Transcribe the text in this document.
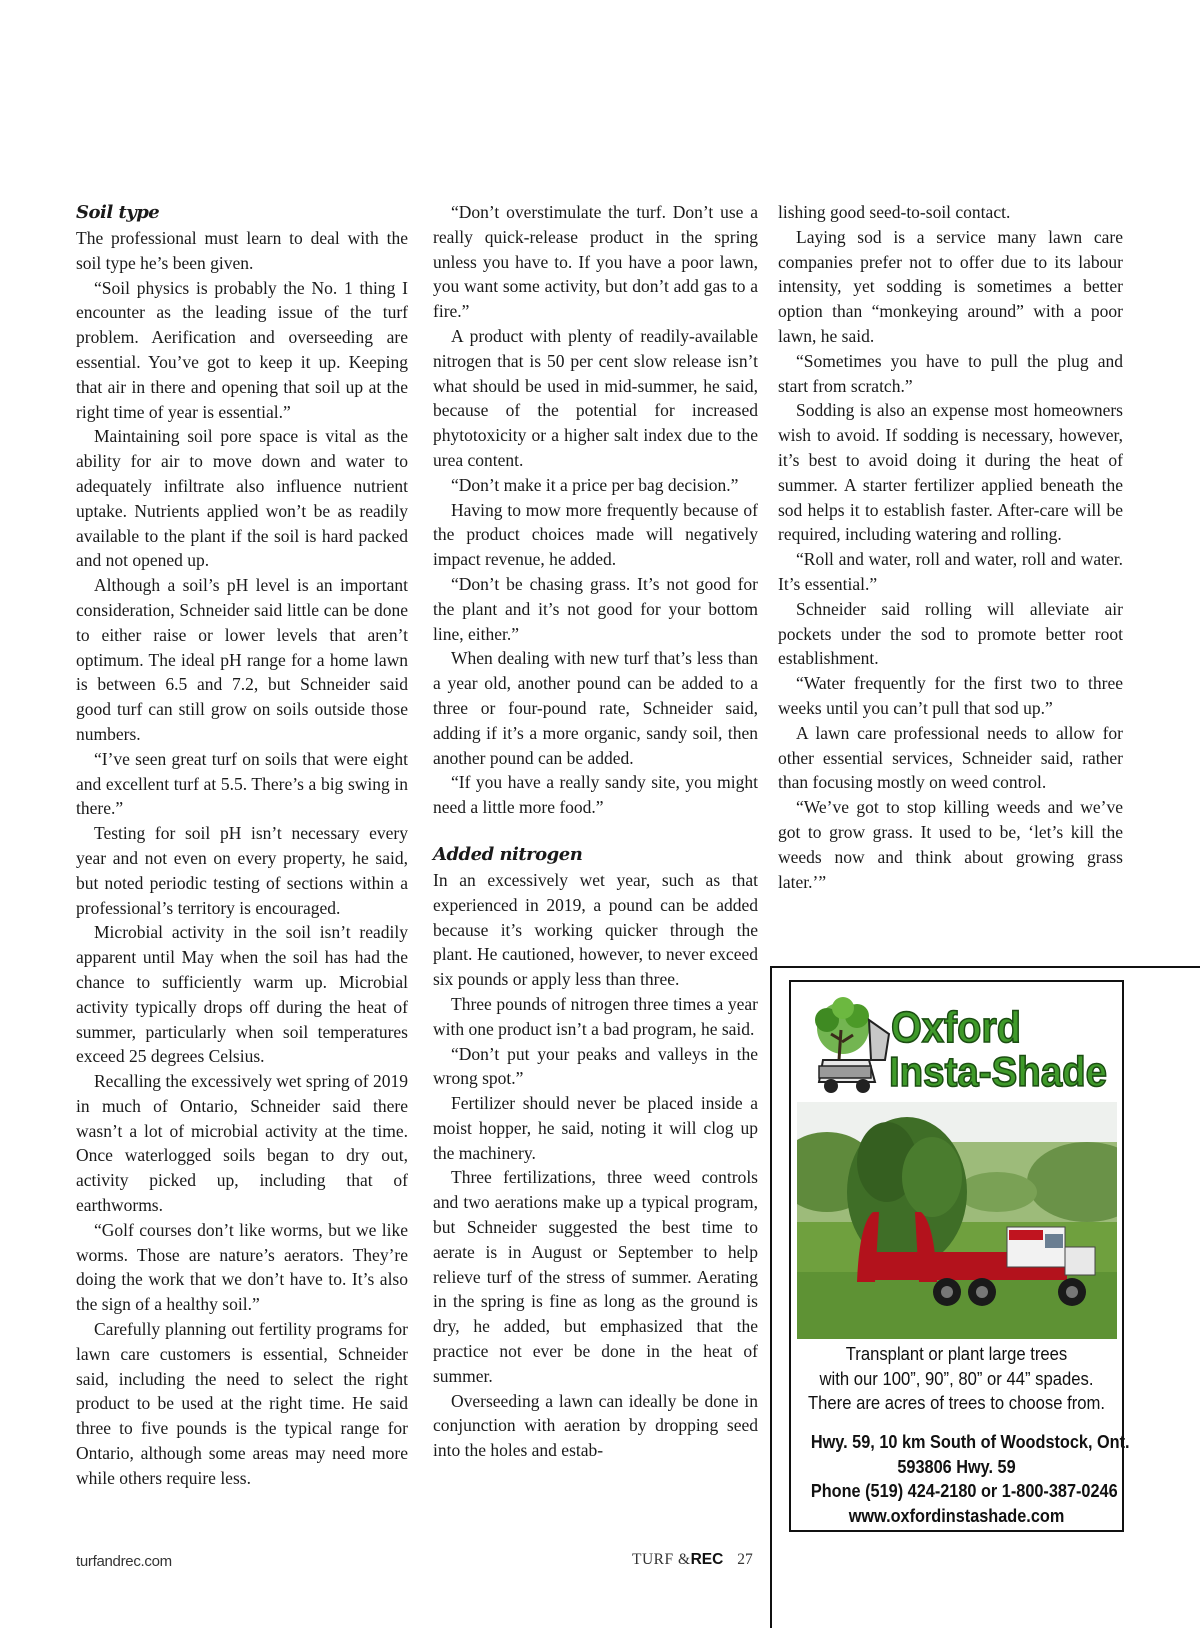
Soil type

The professional must learn to deal with the soil type he’s been given.

“Soil physics is probably the No. 1 thing I encounter as the leading issue of the turf problem. Aerification and overseeding are essential. You’ve got to keep it up. Keeping that air in there and opening that soil up at the right time of year is essential.”

Maintaining soil pore space is vital as the ability for air to move down and water to adequately infiltrate also influence nutrient uptake. Nutrients applied won’t be as readily available to the plant if the soil is hard packed and not opened up.

Although a soil’s pH level is an important consideration, Schneider said little can be done to either raise or lower levels that aren’t optimum. The ideal pH range for a home lawn is between 6.5 and 7.2, but Schneider said good turf can still grow on soils outside those numbers.

“I’ve seen great turf on soils that were eight and excellent turf at 5.5. There’s a big swing in there.”

Testing for soil pH isn’t necessary every year and not even on every property, he said, but noted periodic testing of sections within a professional’s territory is encouraged.

Microbial activity in the soil isn’t readily apparent until May when the soil has had the chance to sufficiently warm up. Microbial activity typically drops off during the heat of summer, particularly when soil temperatures exceed 25 degrees Celsius.

Recalling the excessively wet spring of 2019 in much of Ontario, Schneider said there wasn’t a lot of microbial activity at the time. Once waterlogged soils began to dry out, activity picked up, including that of earthworms.

“Golf courses don’t like worms, but we like worms. Those are nature’s aerators. They’re doing the work that we don’t have to. It’s also the sign of a healthy soil.”

Carefully planning out fertility programs for lawn care customers is essential, Schneider said, including the need to select the right product to be used at the right time. He said three to five pounds is the typical range for Ontario, although some areas may need more while others require less.

“Don’t overstimulate the turf. Don’t use a really quick-release product in the spring unless you have to. If you have a poor lawn, you want some activity, but don’t add gas to a fire.”

A product with plenty of readily-available nitrogen that is 50 per cent slow release isn’t what should be used in mid-summer, he said, because of the potential for increased phytotoxicity or a higher salt index due to the urea content.

“Don’t make it a price per bag decision.”

Having to mow more frequently because of the product choices made will negatively impact revenue, he added.

“Don’t be chasing grass. It’s not good for the plant and it’s not good for your bottom line, either.”

When dealing with new turf that’s less than a year old, another pound can be added to a three or four-pound rate, Schneider said, adding if it’s a more organic, sandy soil, then another pound can be added.

“If you have a really sandy site, you might need a little more food.”

Added nitrogen

In an excessively wet year, such as that experienced in 2019, a pound can be added because it’s working quicker through the plant. He cautioned, however, to never exceed six pounds or apply less than three.

Three pounds of nitrogen three times a year with one product isn’t a bad program, he said.

“Don’t put your peaks and valleys in the wrong spot.”

Fertilizer should never be placed inside a moist hopper, he said, noting it will clog up the machinery.

Three fertilizations, three weed controls and two aerations make up a typical program, but Schneider suggested the best time to aerate is in August or September to help relieve turf of the stress of summer. Aerating in the spring is fine as long as the ground is dry, he added, but emphasized that the practice not ever be done in the heat of summer.

Overseeding a lawn can ideally be done in conjunction with aeration by dropping seed into the holes and estab-

lishing good seed-to-soil contact.

Laying sod is a service many lawn care companies prefer not to offer due to its labour intensity, yet sodding is sometimes a better option than “monkeying around” with a poor lawn, he said.

“Sometimes you have to pull the plug and start from scratch.”

Sodding is also an expense most homeowners wish to avoid. If sodding is necessary, however, it’s best to avoid doing it during the heat of summer. A starter fertilizer applied beneath the sod helps it to establish faster. After-care will be required, including watering and rolling.

“Roll and water, roll and water, roll and water. It’s essential.”

Schneider said rolling will alleviate air pockets under the sod to promote better root establishment.

“Water frequently for the first two to three weeks until you can’t pull that sod up.”

A lawn care professional needs to allow for other essential services, Schneider said, rather than focusing mostly on weed control.

“We’ve got to stop killing weeds and we’ve got to grow grass. It used to be, ‘let’s kill the weeds now and think about growing grass later.’”

Oxford
Insta-Shade
Transplant or plant large trees
with our 100”, 90”, 80” or 44” spades.
There are acres of trees to choose from.
Hwy. 59, 10 km South of Woodstock, Ont.
593806 Hwy. 59
Phone (519) 424-2180 or 1-800-387-0246
www.oxfordinstashade.com
turfandrec.com	TURF &REC 27
